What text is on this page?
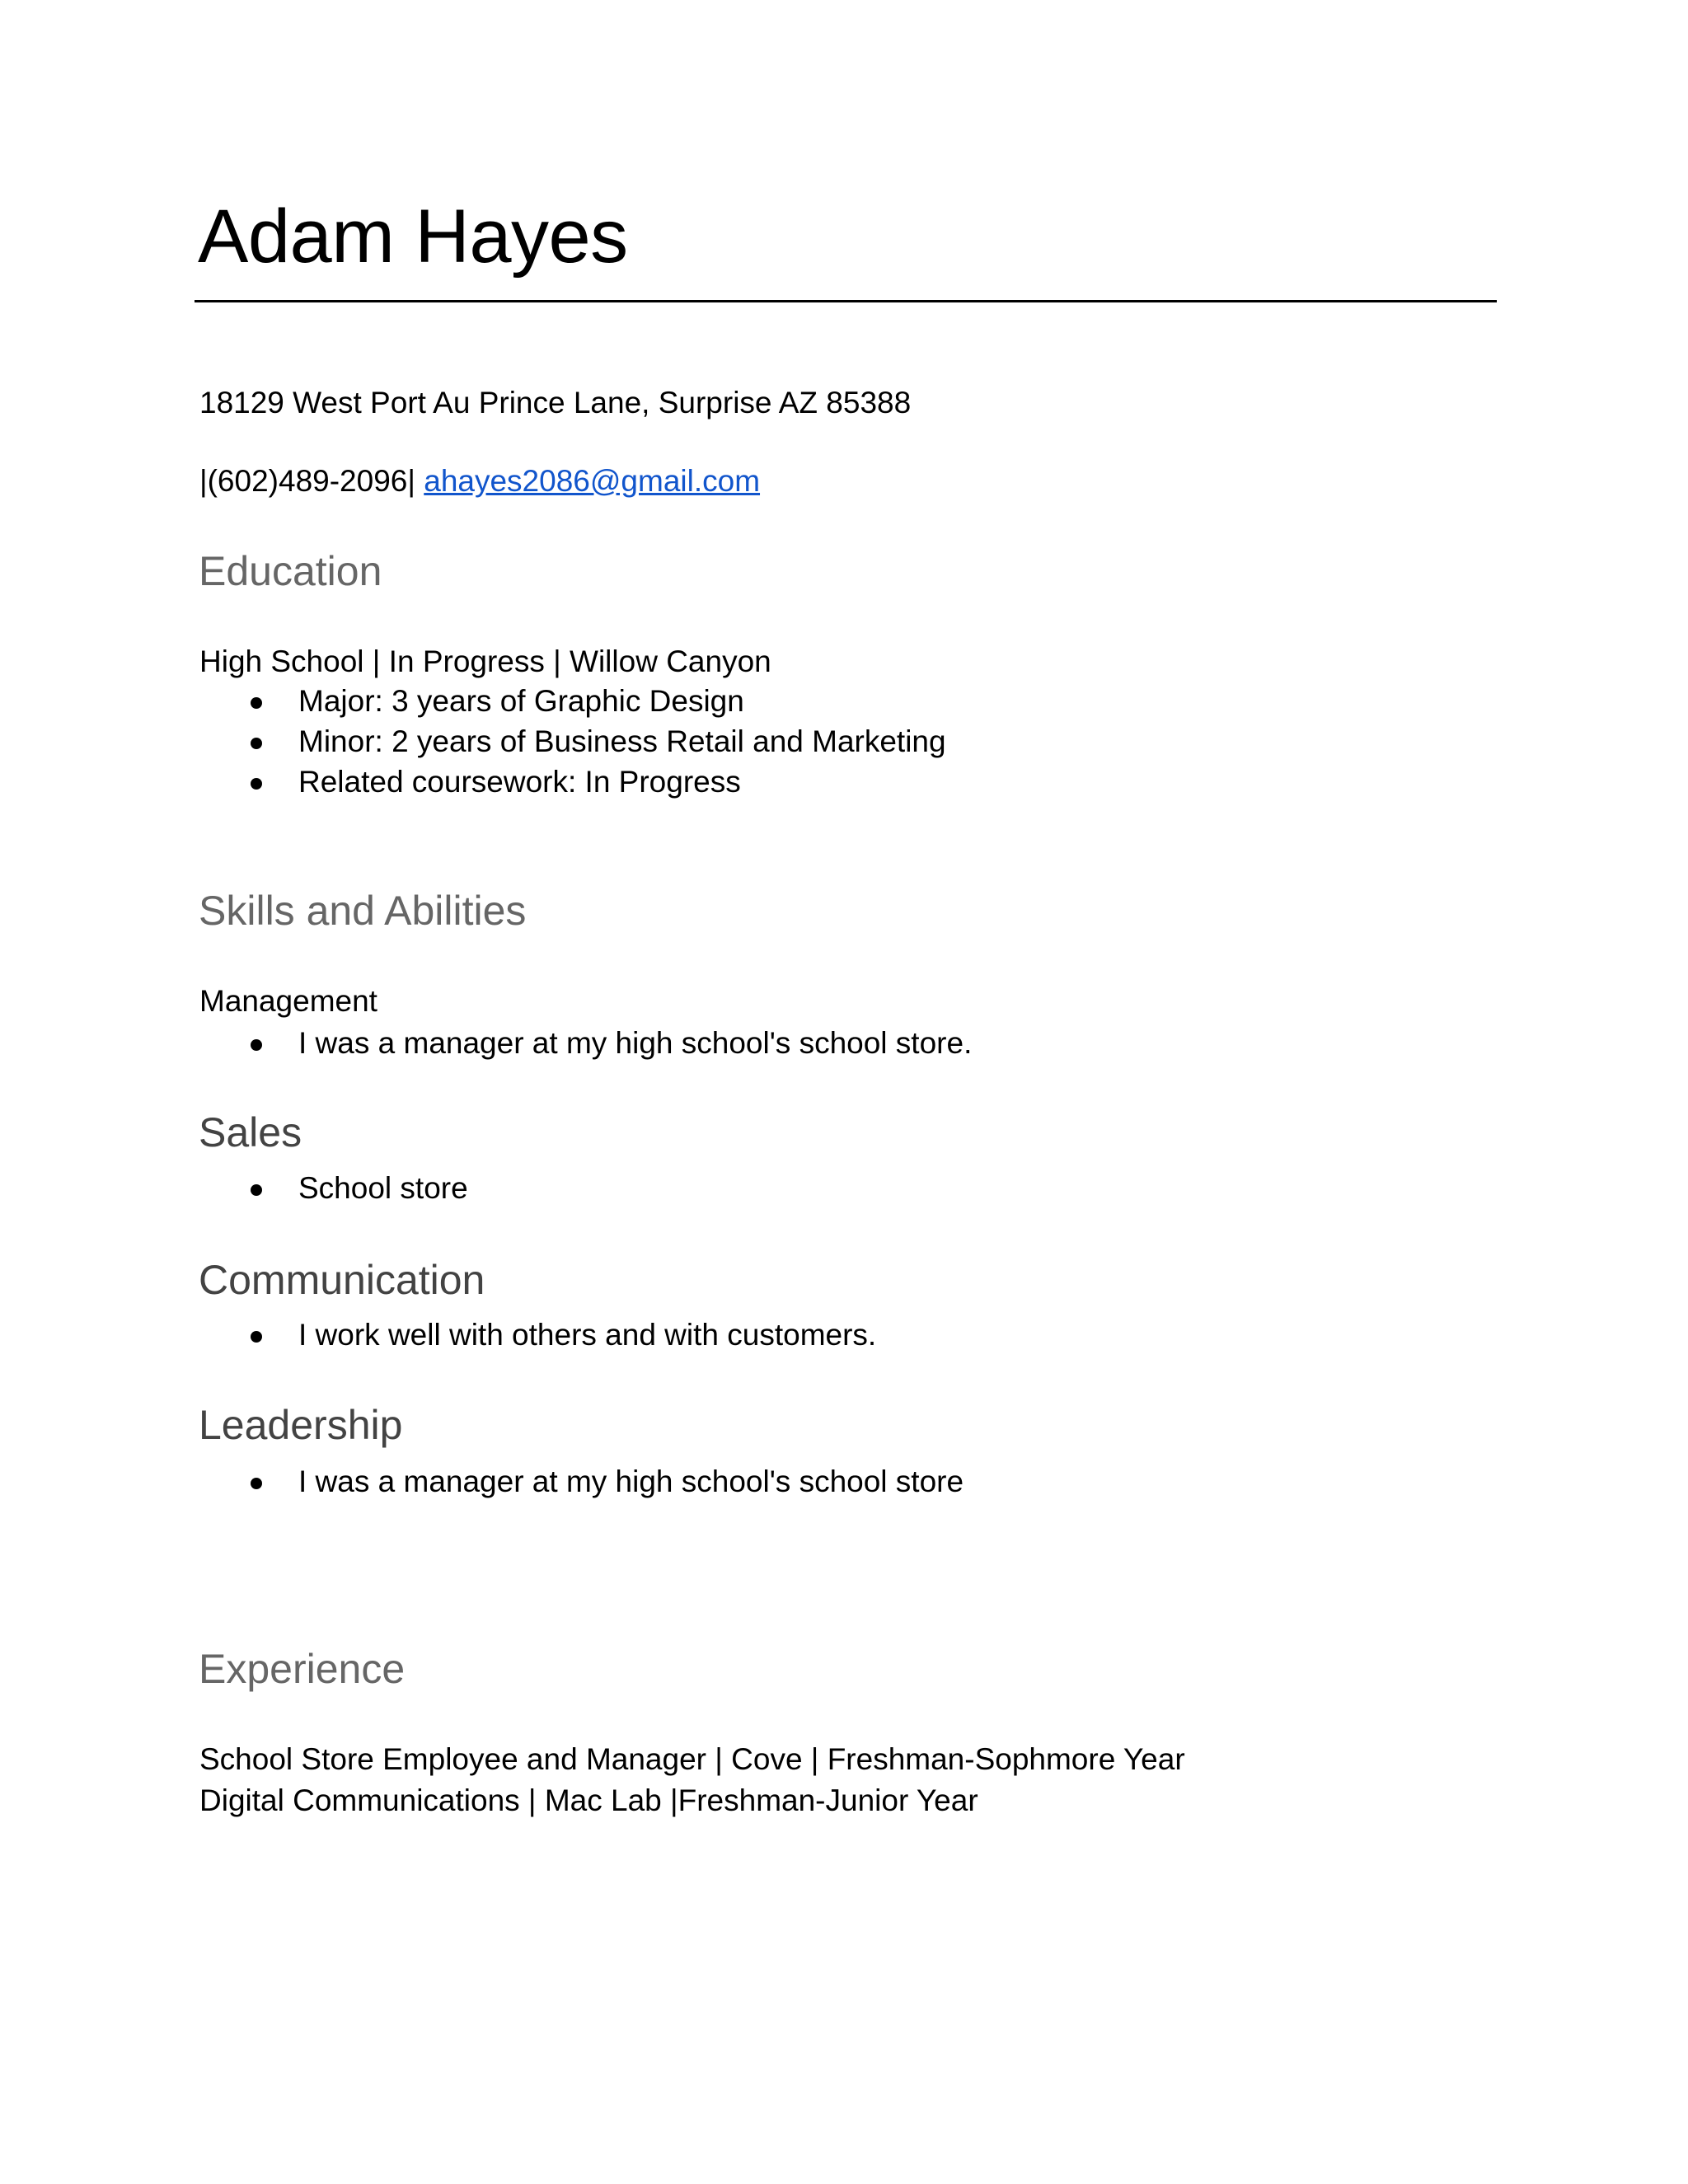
Adam Hayes

18129 West Port Au Prince Lane, Surprise AZ 85388

|(602)489-2096| ahayes2086@gmail.com

Education

High School | In Progress | Willow Canyon

Major: 3 years of Graphic Design
Minor: 2 years of Business Retail and Marketing
Related coursework: In Progress
Skills and Abilities

Management

I was a manager at my high school's school store.
Sales
School store
Communication
I work well with others and with customers.
Leadership
I was a manager at my high school's school store
Experience

School Store Employee and Manager | Cove | Freshman-Sophmore Year

Digital Communications | Mac Lab |Freshman-Junior Year
